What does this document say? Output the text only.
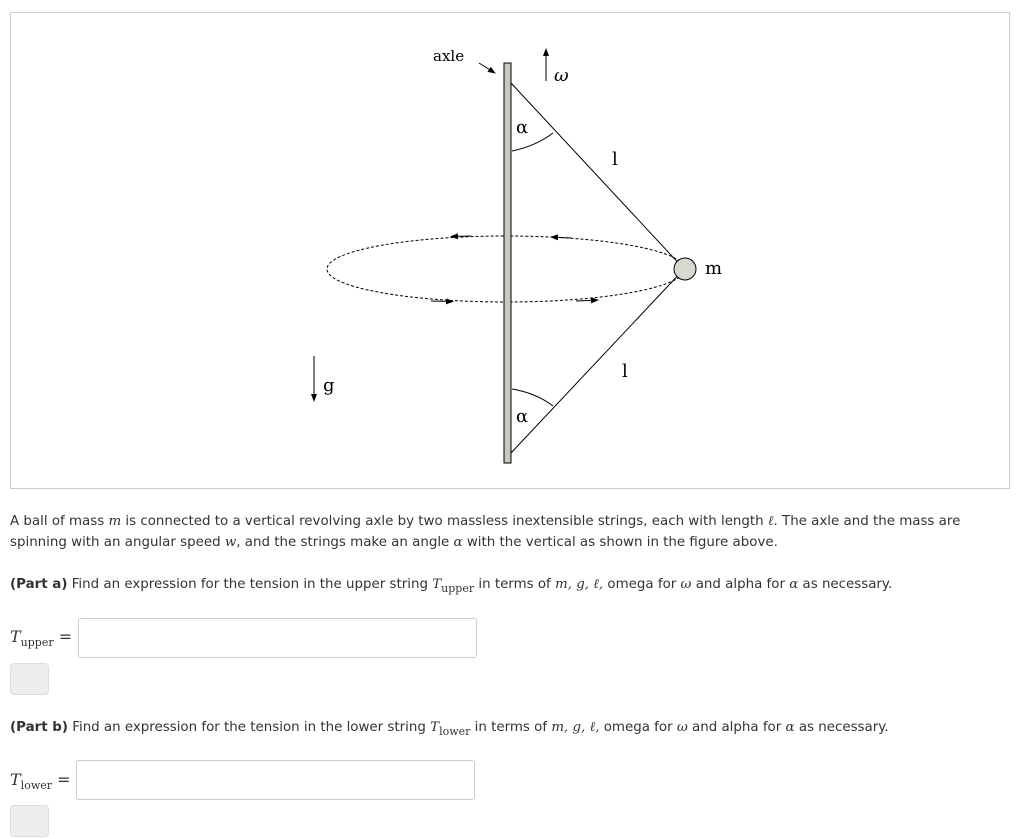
axle
ω
α
α
l
l
m
g

A ball of mass m is connected to a vertical revolving axle by two massless inextensible strings, each with length ℓ. The axle and the mass are
spinning with an angular speed w, and the strings make an angle α with the vertical as shown in the figure above.

(Part a) Find an expression for the tension in the upper string $T_{upper}$ in terms of m, g, ℓ, omega for ω and alpha for α as necessary.

$T_{upper}$ =

(Part b) Find an expression for the tension in the lower string $T_{lower}$ in terms of m, g, ℓ, omega for ω and alpha for α as necessary.

$T_{lower}$ =
